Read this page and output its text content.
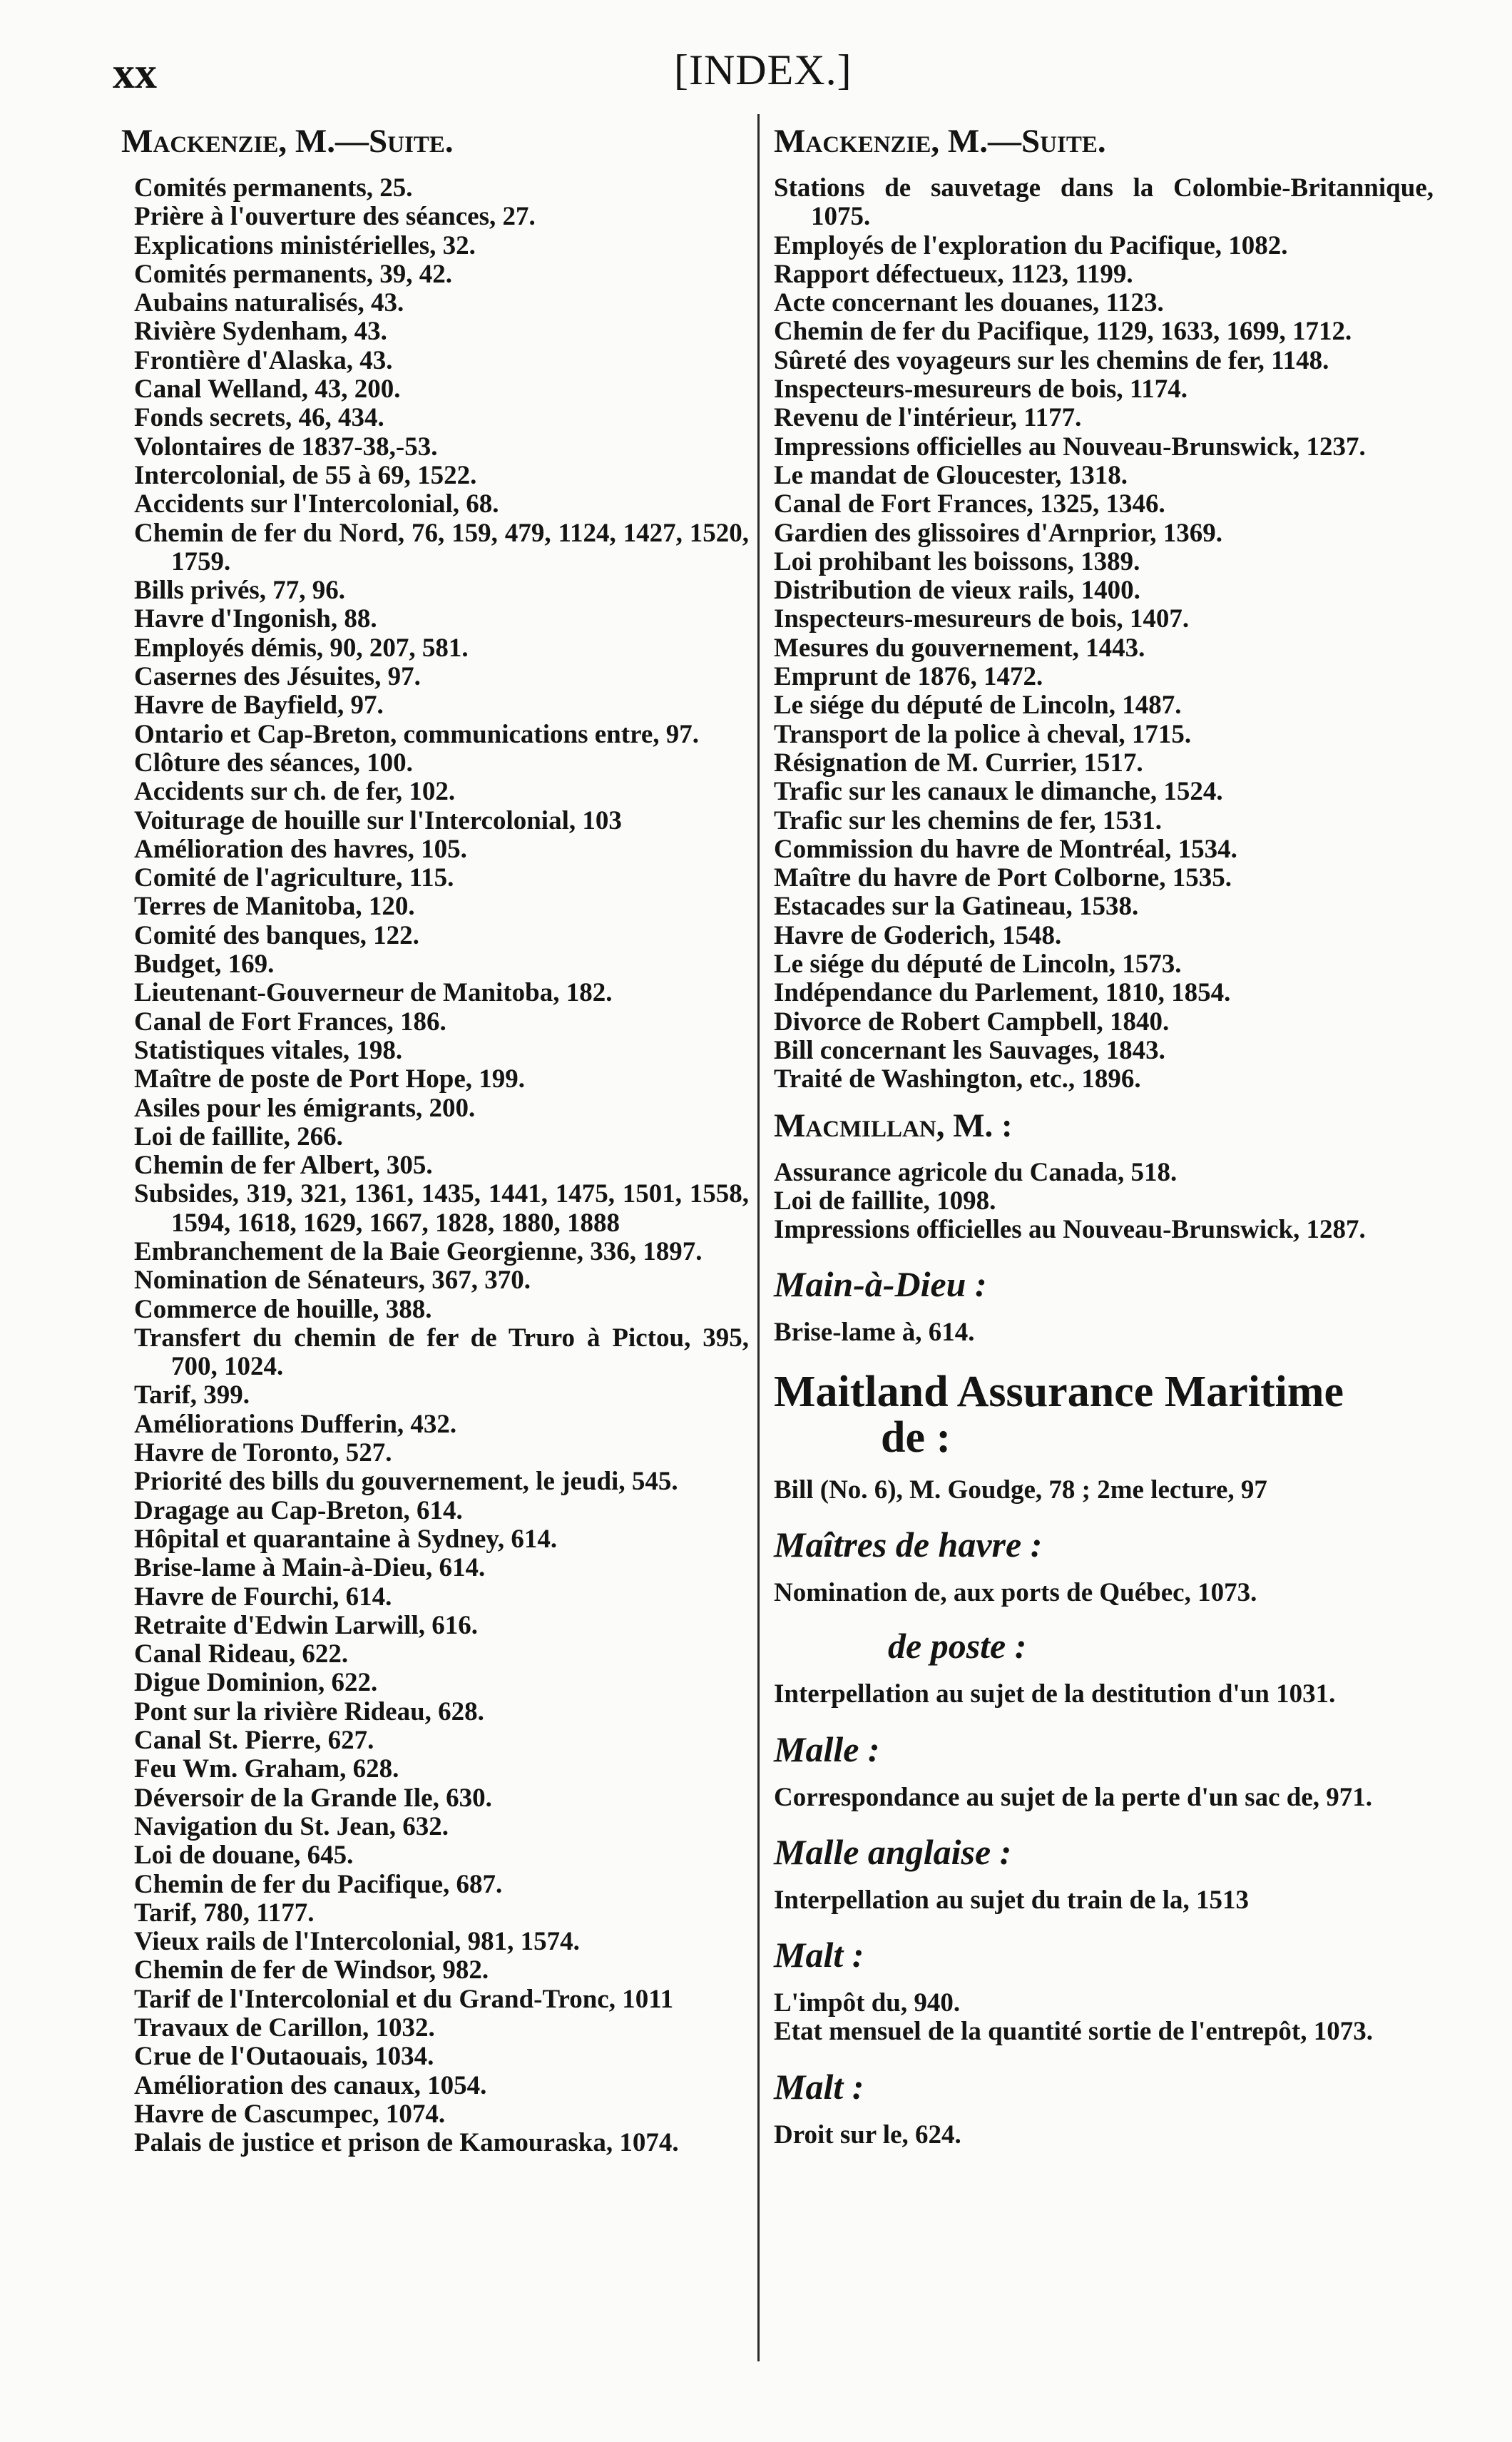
xx	[INDEX.]
Mackenzie, M.—Suite.

Comités permanents, 25.

Prière à l'ouverture des séances, 27.

Explications ministérielles, 32.

Comités permanents, 39, 42.

Aubains naturalisés, 43.

Rivière Sydenham, 43.

Frontière d'Alaska, 43.

Canal Welland, 43, 200.

Fonds secrets, 46, 434.

Volontaires de 1837-38,-53.

Intercolonial, de 55 à 69, 1522.

Accidents sur l'Intercolonial, 68.

Chemin de fer du Nord, 76, 159, 479, 1124, 1427, 1520, 1759.

Bills privés, 77, 96.

Havre d'Ingonish, 88.

Employés démis, 90, 207, 581.

Casernes des Jésuites, 97.

Havre de Bayfield, 97.

Ontario et Cap-Breton, communications entre, 97.

Clôture des séances, 100.

Accidents sur ch. de fer, 102.

Voiturage de houille sur l'Intercolonial, 103

Amélioration des havres, 105.

Comité de l'agriculture, 115.

Terres de Manitoba, 120.

Comité des banques, 122.

Budget, 169.

Lieutenant-Gouverneur de Manitoba, 182.

Canal de Fort Frances, 186.

Statistiques vitales, 198.

Maître de poste de Port Hope, 199.

Asiles pour les émigrants, 200.

Loi de faillite, 266.

Chemin de fer Albert, 305.

Subsides, 319, 321, 1361, 1435, 1441, 1475, 1501, 1558, 1594, 1618, 1629, 1667, 1828, 1880, 1888

Embranchement de la Baie Georgienne, 336, 1897.

Nomination de Sénateurs, 367, 370.

Commerce de houille, 388.

Transfert du chemin de fer de Truro à Pictou, 395, 700, 1024.

Tarif, 399.

Améliorations Dufferin, 432.

Havre de Toronto, 527.

Priorité des bills du gouvernement, le jeudi, 545.

Dragage au Cap-Breton, 614.

Hôpital et quarantaine à Sydney, 614.

Brise-lame à Main-à-Dieu, 614.

Havre de Fourchi, 614.

Retraite d'Edwin Larwill, 616.

Canal Rideau, 622.

Digue Dominion, 622.

Pont sur la rivière Rideau, 628.

Canal St. Pierre, 627.

Feu Wm. Graham, 628.

Déversoir de la Grande Ile, 630.

Navigation du St. Jean, 632.

Loi de douane, 645.

Chemin de fer du Pacifique, 687.

Tarif, 780, 1177.

Vieux rails de l'Intercolonial, 981, 1574.

Chemin de fer de Windsor, 982.

Tarif de l'Intercolonial et du Grand-Tronc, 1011

Travaux de Carillon, 1032.

Crue de l'Outaouais, 1034.

Amélioration des canaux, 1054.

Havre de Cascumpec, 1074.

Palais de justice et prison de Kamouraska, 1074.

Mackenzie, M.—Suite.

Stations de sauvetage dans la Colombie-Britannique, 1075.

Employés de l'exploration du Pacifique, 1082.

Rapport défectueux, 1123, 1199.

Acte concernant les douanes, 1123.

Chemin de fer du Pacifique, 1129, 1633, 1699, 1712.

Sûreté des voyageurs sur les chemins de fer, 1148.

Inspecteurs-mesureurs de bois, 1174.

Revenu de l'intérieur, 1177.

Impressions officielles au Nouveau-Brunswick, 1237.

Le mandat de Gloucester, 1318.

Canal de Fort Frances, 1325, 1346.

Gardien des glissoires d'Arnprior, 1369.

Loi prohibant les boissons, 1389.

Distribution de vieux rails, 1400.

Inspecteurs-mesureurs de bois, 1407.

Mesures du gouvernement, 1443.

Emprunt de 1876, 1472.

Le siége du député de Lincoln, 1487.

Transport de la police à cheval, 1715.

Résignation de M. Currier, 1517.

Trafic sur les canaux le dimanche, 1524.

Trafic sur les chemins de fer, 1531.

Commission du havre de Montréal, 1534.

Maître du havre de Port Colborne, 1535.

Estacades sur la Gatineau, 1538.

Havre de Goderich, 1548.

Le siége du député de Lincoln, 1573.

Indépendance du Parlement, 1810, 1854.

Divorce de Robert Campbell, 1840.

Bill concernant les Sauvages, 1843.

Traité de Washington, etc., 1896.

Macmillan, M. :

Assurance agricole du Canada, 518.

Loi de faillite, 1098.

Impressions officielles au Nouveau-Brunswick, 1287.

Main-à-Dieu :

Brise-lame à, 614.

Maitland Assurance Maritime
de :

Bill (No. 6), M. Goudge, 78 ; 2me lecture, 97

Maîtres de havre :

Nomination de, aux ports de Québec, 1073.

de poste :

Interpellation au sujet de la destitution d'un 1031.

Malle :

Correspondance au sujet de la perte d'un sac de, 971.

Malle anglaise :

Interpellation au sujet du train de la, 1513

Malt :

L'impôt du, 940.

Etat mensuel de la quantité sortie de l'entrepôt, 1073.

Malt :

Droit sur le, 624.
